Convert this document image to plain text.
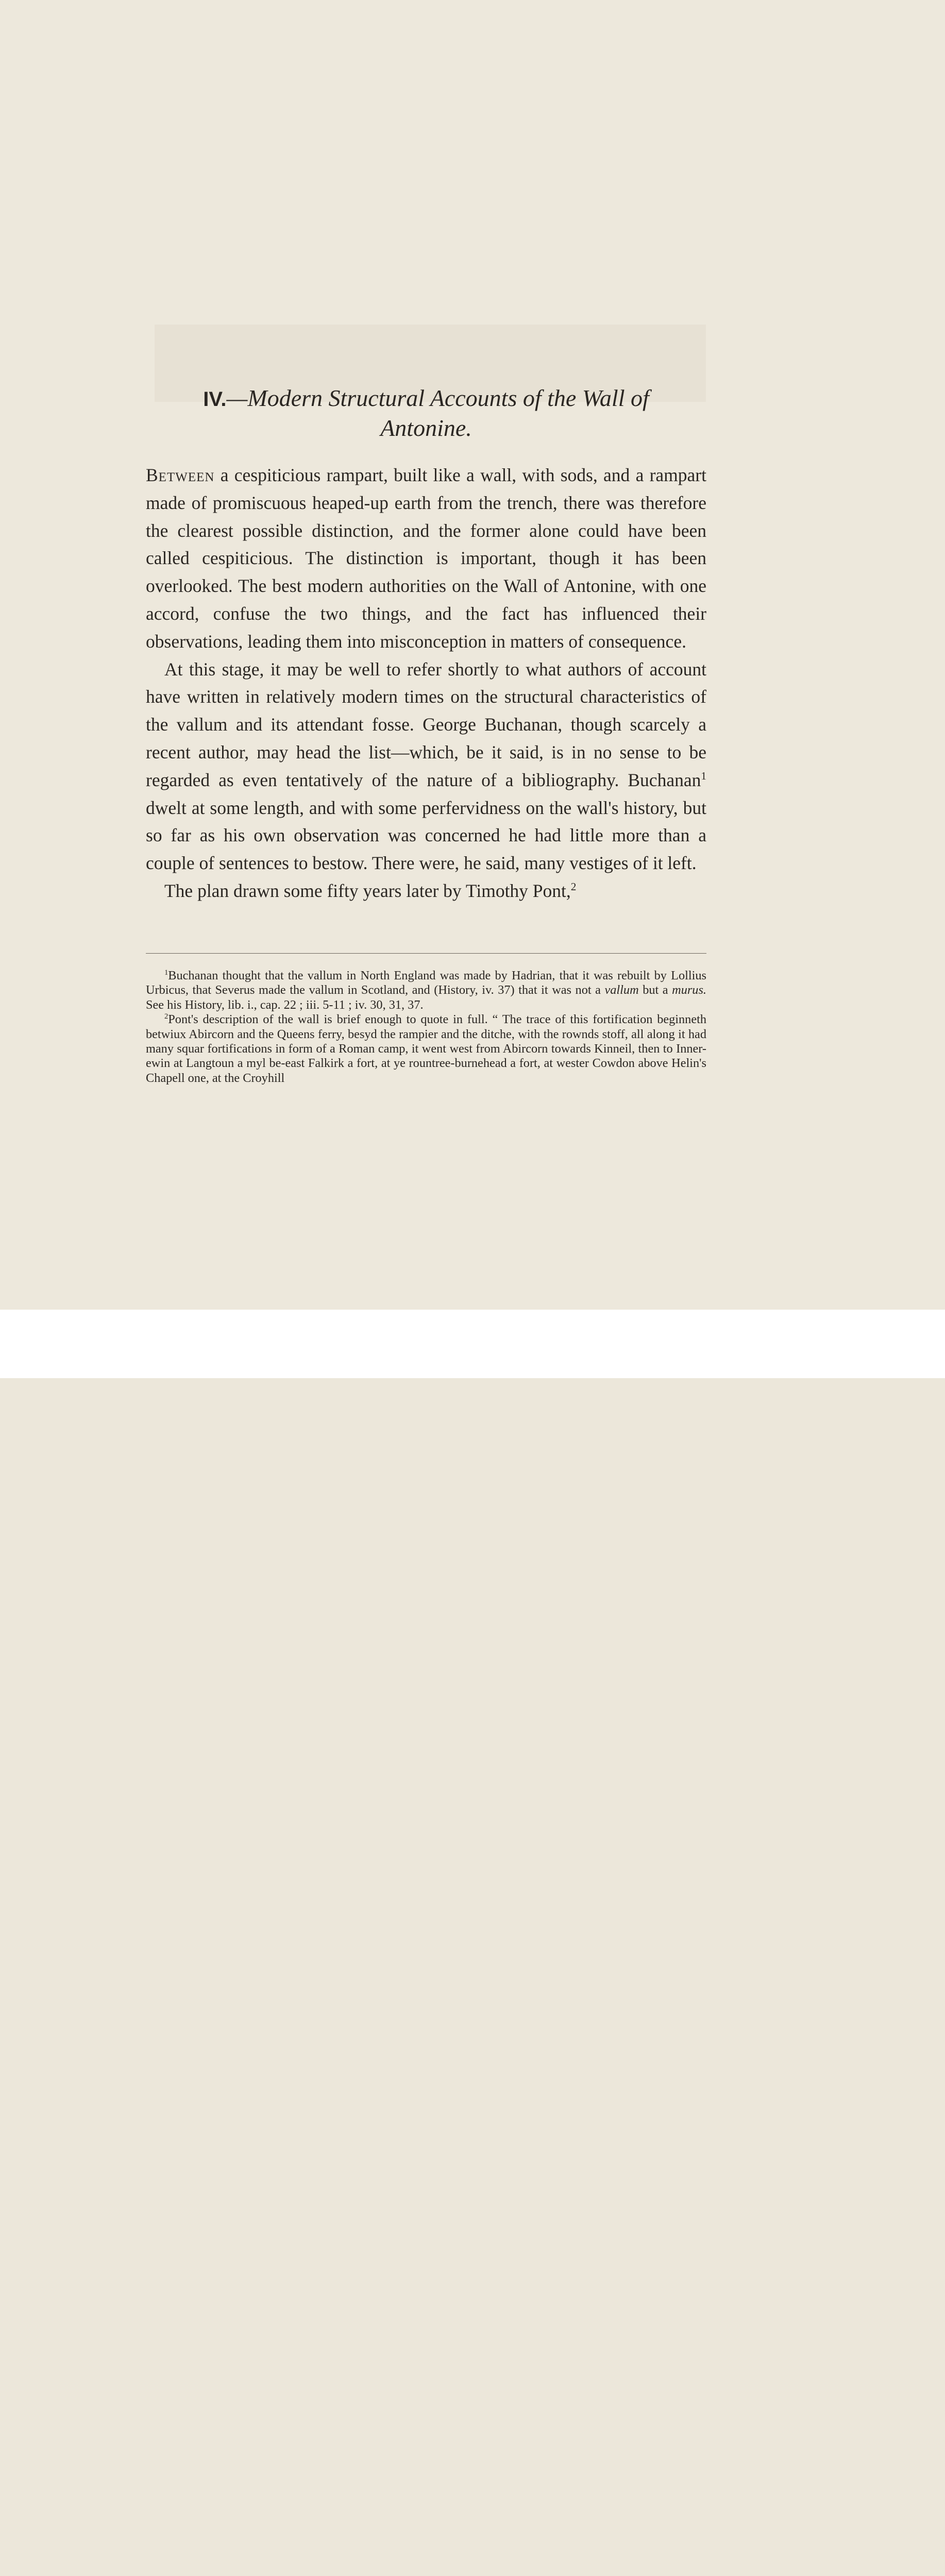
IV.—Modern Structural Accounts of the Wall of
Antonine.

Between a cespiticious rampart, built like a wall, with sods, and a rampart made of promiscuous heaped-up earth from the trench, there was therefore the clearest possible distinction, and the former alone could have been called cespiticious. The distinction is important, though it has been overlooked. The best modern authorities on the Wall of Antonine, with one accord, confuse the two things, and the fact has influenced their observations, leading them into misconception in matters of consequence.

At this stage, it may be well to refer shortly to what authors of account have written in relatively modern times on the structural characteristics of the vallum and its attendant fosse. George Buchanan, though scarcely a recent author, may head the list—which, be it said, is in no sense to be regarded as even tentatively of the nature of a bibliography. Buchanan$^1$ dwelt at some length, and with some perfervidness on the wall's history, but so far as his own observation was concerned he had little more than a couple of sentences to bestow. There were, he said, many vestiges of it left.

The plan drawn some fifty years later by Timothy Pont,$^2$

$^1$Buchanan thought that the vallum in North England was made by Hadrian, that it was rebuilt by Lollius Urbicus, that Severus made the vallum in Scotland, and (History, iv. 37) that it was not a vallum but a murus. See his History, lib. i., cap. 22 ; iii. 5-11 ; iv. 30, 31, 37.

$^2$Pont's description of the wall is brief enough to quote in full. “ The trace of this fortification beginneth betwiux Abircorn and the Queens ferry, besyd the rampier and the ditche, with the rownds stoff, all along it had many squar fortifications in form of a Roman camp, it went west from Abircorn towards Kinneil, then to Inner-ewin at Langtoun a myl be-east Falkirk a fort, at ye rountree-burnehead a fort, at wester Cowdon above Helin's Chapell one, at the Croyhill
